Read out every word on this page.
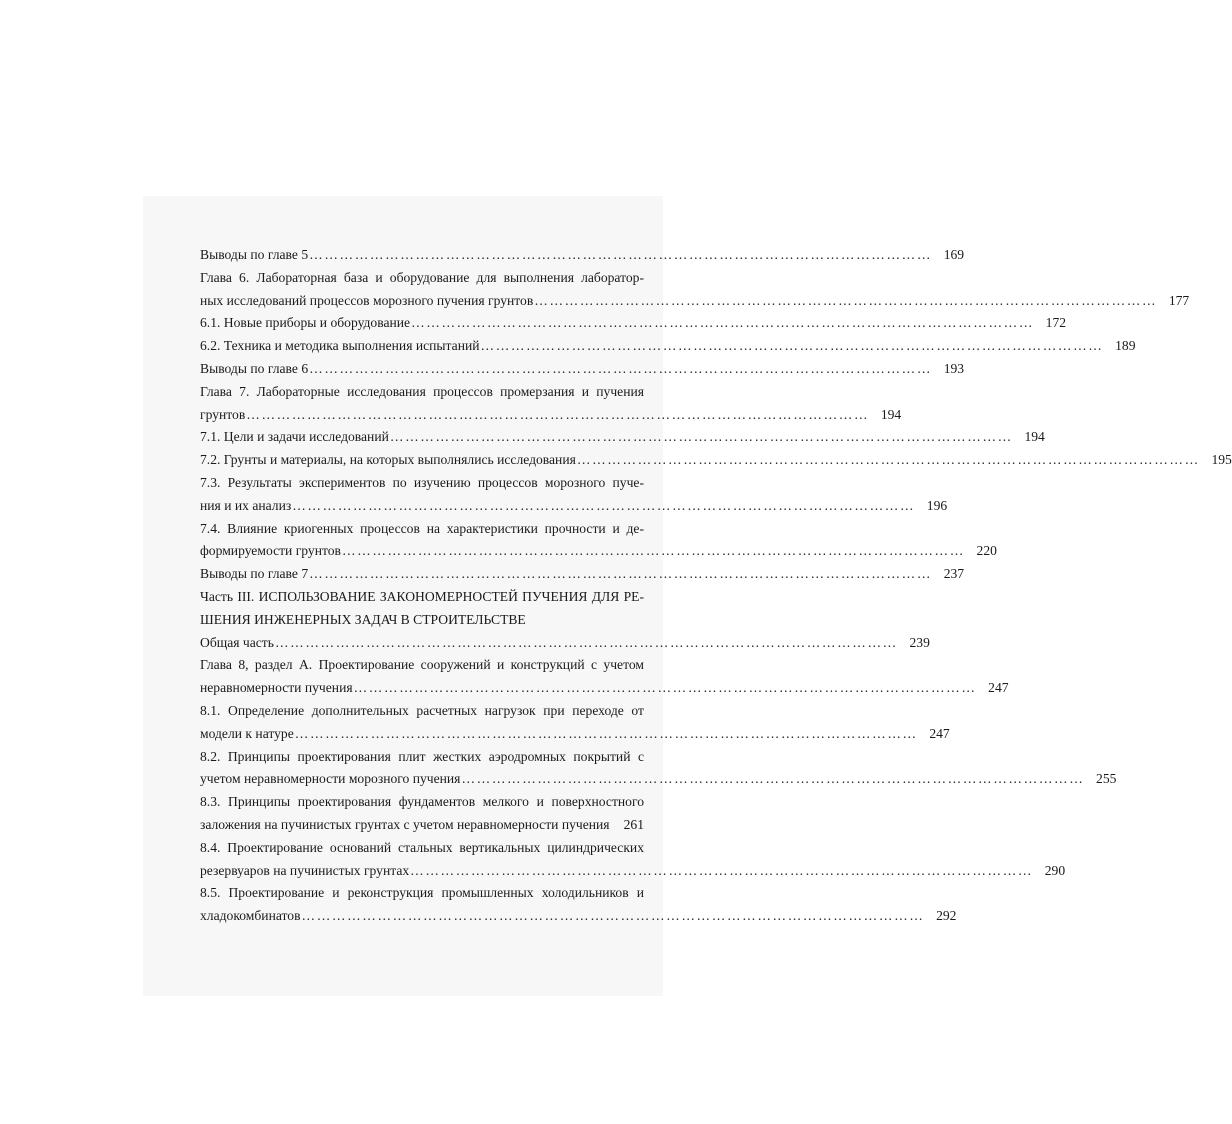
Выводы по главе 5 …………………………………………………………………………………………………………… 169
Глава 6. Лабораторная база и оборудование для выполнения лаборатор-
ных исследований процессов морозного пучения грунтов …………………………………………………………………………………………………………… 177
6.1. Новые приборы и оборудование …………………………………………………………………………………………………………… 172
6.2. Техника и методика выполнения испытаний …………………………………………………………………………………………………………… 189
Выводы по главе 6 …………………………………………………………………………………………………………… 193
Глава 7. Лабораторные исследования процессов промерзания и пучения
грунтов …………………………………………………………………………………………………………… 194
7.1. Цели и задачи исследований …………………………………………………………………………………………………………… 194
7.2. Грунты и материалы, на которых выполнялись исследования …………………………………………………………………………………………………………… 195
7.3. Результаты экспериментов по изучению процессов морозного пуче-
ния и их анализ …………………………………………………………………………………………………………… 196
7.4. Влияние криогенных процессов на характеристики прочности и де-
формируемости грунтов …………………………………………………………………………………………………………… 220
Выводы по главе 7 …………………………………………………………………………………………………………… 237
Часть III. ИСПОЛЬЗОВАНИЕ ЗАКОНОМЕРНОСТЕЙ ПУЧЕНИЯ ДЛЯ РЕ-
ШЕНИЯ ИНЖЕНЕРНЫХ ЗАДАЧ В СТРОИТЕЛЬСТВЕ
Общая часть …………………………………………………………………………………………………………… 239
Глава 8, раздел А. Проектирование сооружений и конструкций с учетом
неравномерности пучения …………………………………………………………………………………………………………… 247
8.1. Определение дополнительных расчетных нагрузок при переходе от
модели к натуре …………………………………………………………………………………………………………… 247
8.2. Принципы проектирования плит жестких аэродромных покрытий с
учетом неравномерности морозного пучения …………………………………………………………………………………………………………… 255
8.3. Принципы проектирования фундаментов мелкого и поверхностного
заложения на пучинистых грунтах с учетом неравномерности пучения	261
8.4. Проектирование оснований стальных вертикальных цилиндрических
резервуаров на пучинистых грунтах …………………………………………………………………………………………………………… 290
8.5. Проектирование и реконструкция промышленных холодильников и
хладокомбинатов …………………………………………………………………………………………………………… 292
